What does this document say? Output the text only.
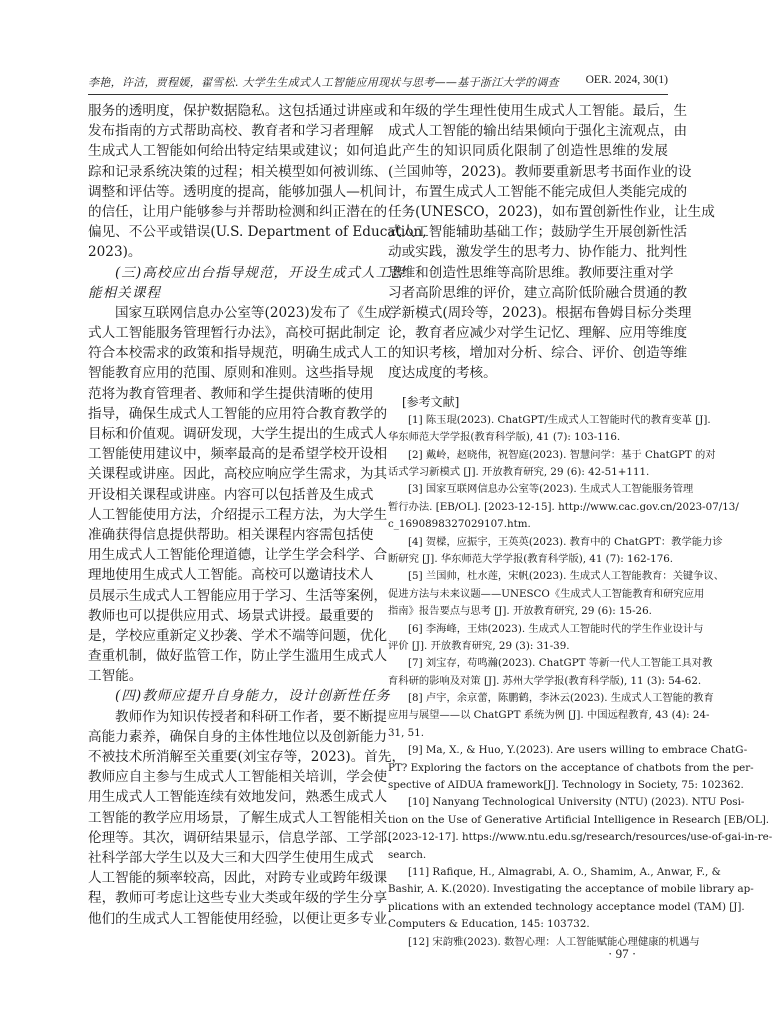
李艳，许洁，贾程媛，翟雪松. 大学生生成式人工智能应用现状与思考——基于浙江大学的调查 OER. 2024, 30(1)
服务的透明度，保护数据隐私。这包括通过讲座或
发布指南的方式帮助高校、教育者和学习者理解
生成式人工智能如何给出特定结果或建议；如何追
踪和记录系统决策的过程；相关模型如何被训练、
调整和评估等。透明度的提高，能够加强人—机间
的信任，让用户能够参与并帮助检测和纠正潜在的
偏见、不公平或错误(U.S. Department of Education,
2023)。
(三)高校应出台指导规范，开设生成式人工智
能相关课程
国家互联网信息办公室等(2023)发布了《生成
式人工智能服务管理暂行办法》，高校可据此制定
符合本校需求的政策和指导规范，明确生成式人工
智能教育应用的范围、原则和准则。这些指导规
范将为教育管理者、教师和学生提供清晰的使用
指导，确保生成式人工智能的应用符合教育教学的
目标和价值观。调研发现，大学生提出的生成式人
工智能使用建议中，频率最高的是希望学校开设相
关课程或讲座。因此，高校应响应学生需求，为其
开设相关课程或讲座。内容可以包括普及生成式
人工智能使用方法，介绍提示工程方法，为大学生
准确获得信息提供帮助。相关课程内容需包括使
用生成式人工智能伦理道德，让学生学会科学、合
理地使用生成式人工智能。高校可以邀请技术人
员展示生成式人工智能应用于学习、生活等案例，
教师也可以提供应用式、场景式讲授。最重要的
是，学校应重新定义抄袭、学术不端等问题，优化
查重机制，做好监管工作，防止学生滥用生成式人
工智能。
(四)教师应提升自身能力，设计创新性任务
教师作为知识传授者和科研工作者，要不断提
高能力素养，确保自身的主体性地位以及创新能力
不被技术所消解至关重要(刘宝存等，2023)。首先，
教师应自主参与生成式人工智能相关培训，学会使
用生成式人工智能连续有效地发问，熟悉生成式人
工智能的教学应用场景，了解生成式人工智能相关
伦理等。其次，调研结果显示，信息学部、工学部、
社科学部大学生以及大三和大四学生使用生成式
人工智能的频率较高，因此，对跨专业或跨年级课
程，教师可考虑让这些专业大类或年级的学生分享
他们的生成式人工智能使用经验，以便让更多专业
和年级的学生理性使用生成式人工智能。最后，生
成式人工智能的输出结果倾向于强化主流观点，由
此产生的知识同质化限制了创造性思维的发展
(兰国帅等，2023)。教师要重新思考书面作业的设
计，布置生成式人工智能不能完成但人类能完成的
任务(UNESCO，2023)，如布置创新性作业，让生成
式人工智能辅助基础工作；鼓励学生开展创新性活
动或实践，激发学生的思考力、协作能力、批判性
思维和创造性思维等高阶思维。教师要注重对学
习者高阶思维的评价，建立高阶低阶融合贯通的教
学新模式(周玲等，2023)。根据布鲁姆目标分类理
论，教育者应减少对学生记忆、理解、应用等维度
的知识考核，增加对分析、综合、评价、创造等维
度达成度的考核。
[参考文献]
[1] 陈玉琨(2023). ChatGPT/生成式人工智能时代的教育变革 [J].
华东师范大学学报(教育科学版), 41 (7): 103-116.
[2] 戴岭，赵晓伟，祝智庭(2023). 智慧问学：基于 ChatGPT 的对
话式学习新模式 [J]. 开放教育研究, 29 (6): 42-51+111.
[3] 国家互联网信息办公室等(2023). 生成式人工智能服务管理
暂行办法. [EB/OL]. [2023-12-15]. http://www.cac.gov.cn/2023-07/13/
c_1690898327029107.htm.
[4] 贺樑，应振宇，王英英(2023). 教育中的 ChatGPT：教学能力诊
断研究 [J]. 华东师范大学学报(教育科学版), 41 (7): 162-176.
[5] 兰国帅，杜水莲，宋帆(2023). 生成式人工智能教育：关键争议、
促进方法与未来议题——UNESCO《生成式人工智能教育和研究应用
指南》报告要点与思考 [J]. 开放教育研究, 29 (6): 15-26.
[6] 李海峰，王炜(2023). 生成式人工智能时代的学生作业设计与
评价 [J]. 开放教育研究, 29 (3): 31-39.
[7] 刘宝存，苟鸣瀚(2023). ChatGPT 等新一代人工智能工具对教
育科研的影响及对策 [J]. 苏州大学学报(教育科学版), 11 (3): 54-62.
[8] 卢宇，余京蕾，陈鹏鹤，李沐云(2023). 生成式人工智能的教育
应用与展望——以 ChatGPT 系统为例 [J]. 中国远程教育, 43 (4): 24-
31, 51.
[9] Ma, X., & Huo, Y.(2023). Are users willing to embrace ChatG-
PT? Exploring the factors on the acceptance of chatbots from the per-
spective of AIDUA framework[J]. Technology in Society, 75: 102362.
[10] Nanyang Technological University (NTU) (2023). NTU Posi-
tion on the Use of Generative Artificial Intelligence in Research [EB/OL].
[2023-12-17]. https://www.ntu.edu.sg/research/resources/use-of-gai-in-re-
search.
[11] Rafique, H., Almagrabi, A. O., Shamim, A., Anwar, F., &
Bashir, A. K.(2020). Investigating the acceptance of mobile library ap-
plications with an extended technology acceptance model (TAM) [J].
Computers & Education, 145: 103732.
[12] 宋韵雅(2023). 数智心理：人工智能赋能心理健康的机遇与
· 97 ·
